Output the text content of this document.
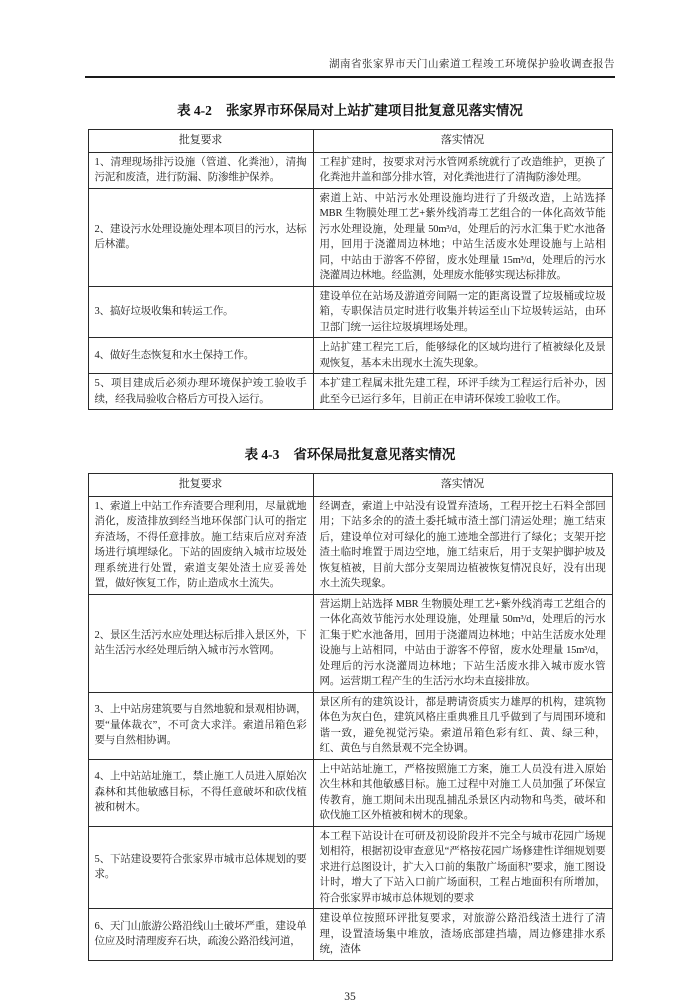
湖南省张家界市天门山索道工程竣工环境保护验收调查报告
表 4-2 张家界市环保局对上站扩建项目批复意见落实情况
批复要求	落实情况
1、清理现场排污设施（管道、化粪池），清掏污泥和废渣，进行防漏、防渗维护保养。	工程扩建时，按要求对污水管网系统就行了改造维护，更换了化粪池井盖和部分排水管，对化粪池进行了清掏防渗处理。
2、建设污水处理设施处理本项目的污水，达标后林灌。	索道上站、中站污水处理设施均进行了升级改造，上站选择 MBR 生物膜处理工艺+紫外线消毒工艺组合的一体化高效节能污水处理设施，处理量 50m³/d，处理后的污水汇集于贮水池备用，回用于浇灌周边林地；中站生活废水处理设施与上站相同，中站由于游客不停留，废水处理量 15m³/d，处理后的污水浇灌周边林地。经监测，处理废水能够实现达标排放。
3、搞好垃圾收集和转运工作。	建设单位在站场及游道旁间隔一定的距离设置了垃圾桶或垃圾箱，专职保洁员定时进行收集并转运至山下垃圾转运站，由环卫部门统一运往垃圾填埋场处理。
4、做好生态恢复和水土保持工作。	上站扩建工程完工后，能够绿化的区域均进行了植被绿化及景观恢复，基本未出现水土流失现象。
5、项目建成后必须办理环境保护竣工验收手续，经我局验收合格后方可投入运行。	本扩建工程属未批先建工程，环评手续为工程运行后补办，因此至今已运行多年，目前正在申请环保竣工验收工作。
表 4-3 省环保局批复意见落实情况
批复要求	落实情况
1、索道上中站工作弃渣要合理利用，尽量就地消化，废渣排放到经当地环保部门认可的指定弃渣场，不得任意排放。施工结束后应对弃渣场进行填埋绿化。下站的固废纳入城市垃圾处理系统进行处置，索道支架处渣土应妥善处置，做好恢复工作，防止造成水土流失。	经调查，索道上中站没有设置弃渣场，工程开挖土石料全部回用；下站多余的的渣土委托城市渣土部门清运处理；施工结束后，建设单位对可绿化的施工迹地全部进行了绿化；支架开挖渣土临时堆置于周边空地，施工结束后，用于支架护脚护坡及恢复植被，目前大部分支架周边植被恢复情况良好，没有出现水土流失现象。
2、景区生活污水应处理达标后排入景区外，下站生活污水经处理后纳入城市污水管网。	营运期上站选择 MBR 生物膜处理工艺+紫外线消毒工艺组合的一体化高效节能污水处理设施，处理量 50m³/d，处理后的污水汇集于贮水池备用，回用于浇灌周边林地；中站生活废水处理设施与上站相同，中站由于游客不停留，废水处理量 15m³/d，处理后的污水浇灌周边林地；下站生活废水排入城市废水管网。运营期工程产生的生活污水均未直接排放。
3、上中站房建筑要与自然地貌和景观相协调，要“量体裁衣”，不可贪大求洋。索道吊箱色彩要与自然相协调。	景区所有的建筑设计，都是聘请资质实力雄厚的机构，建筑物体色为灰白色，建筑风格庄重典雅且几乎做到了与周围环境和谐一致，避免视觉污染。索道吊箱色彩有红、黄、绿三种，红、黄色与自然景观不完全协调。
4、上中站站址施工，禁止施工人员进入原始次森林和其他敏感目标，不得任意破坏和砍伐植被和树木。	上中站站址施工，严格按照施工方案，施工人员没有进入原始次生林和其他敏感目标。施工过程中对施工人员加强了环保宣传教育，施工期间未出现乱捕乱杀景区内动物和鸟类，破坏和砍伐施工区外植被和树木的现象。
5、下站建设要符合张家界市城市总体规划的要求。	本工程下站设计在可研及初设阶段并不完全与城市花园广场规划相符，根据初设审查意见“严格按花园广场修建性详细规划要求进行总图设计，扩大入口前的集散广场面积”要求，施工图设计时，增大了下站入口前广场面积，工程占地面积有所增加，符合张家界市城市总体规划的要求
6、天门山旅游公路沿线山土破坏严重，建设单位应及时清理废弃石块，疏浚公路沿线河道，	建设单位按照环评批复要求，对旅游公路沿线渣土进行了清理，设置渣场集中堆放，渣场底部建挡墙，周边修建排水系统，渣体
35
